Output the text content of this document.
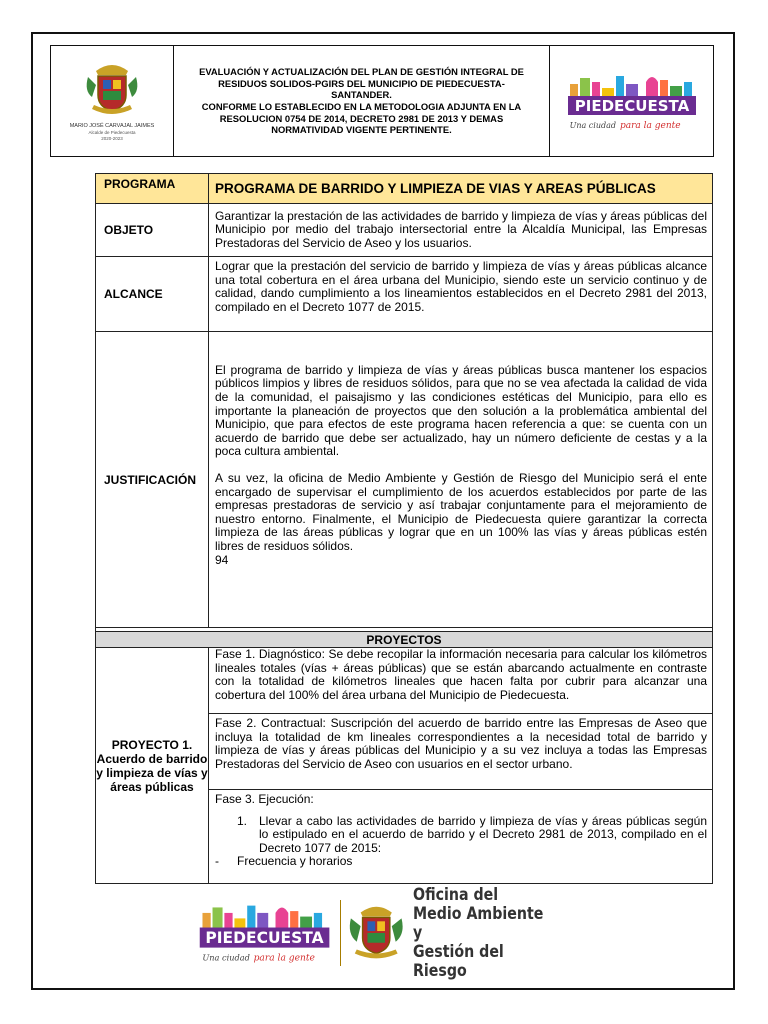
MARIO JOSÉ CARVAJAL JAIMES
Alcalde de Piedecuesta
2020-2023
EVALUACIÓN Y ACTUALIZACIÓN DEL PLAN DE GESTIÓN INTEGRAL DE
RESIDUOS SOLIDOS-PGIRS DEL MUNICIPIO DE PIEDECUESTA-
SANTANDER.
CONFORME LO ESTABLECIDO EN LA METODOLOGIA ADJUNTA EN LA
RESOLUCION 0754 DE 2014, DECRETO 2981 DE 2013 Y DEMAS
NORMATIVIDAD VIGENTE PERTINENTE.
PIEDECUESTA
Una ciudad para la gente
PROGRAMA	PROGRAMA DE BARRIDO Y LIMPIEZA DE VIAS Y AREAS PÚBLICAS
OBJETO	Garantizar la prestación de las actividades de barrido y limpieza de vías y áreas públicas del Municipio por medio del trabajo intersectorial entre la Alcaldía Municipal, las Empresas Prestadoras del Servicio de Aseo y los usuarios.
ALCANCE	Lograr que la prestación del servicio de barrido y limpieza de vías y áreas públicas alcance una total cobertura en el área urbana del Municipio, siendo este un servicio continuo y de calidad, dando cumplimiento a los lineamientos establecidos en el Decreto 2981 del 2013, compilado en el Decreto 1077 de 2015.
JUSTIFICACIÓN	El programa de barrido y limpieza de vías y áreas públicas busca mantener los espacios públicos limpios y libres de residuos sólidos, para que no se vea afectada la calidad de vida de la comunidad, el paisajismo y las condiciones estéticas del Municipio, para ello es importante la planeación de proyectos que den solución a la problemática ambiental del Municipio, que para efectos de este programa hacen referencia a que: se cuenta con un acuerdo de barrido que debe ser actualizado, hay un número deficiente de cestas y a la poca cultura ambiental.

A su vez, la oficina de Medio Ambiente y Gestión de Riesgo del Municipio será el ente encargado de supervisar el cumplimiento de los acuerdos establecidos por parte de las empresas prestadoras de servicio y así trabajar conjuntamente para el mejoramiento de nuestro entorno. Finalmente, el Municipio de Piedecuesta quiere garantizar la correcta limpieza de las áreas públicas y lograr que en un 100% las vías y áreas públicas estén libres de residuos sólidos.

94

PROYECTOS	
PROYECTO 1. Acuerdo de barrido y limpieza de vías y áreas públicas	Fase 1. Diagnóstico: Se debe recopilar la información necesaria para calcular los kilómetros lineales totales (vías + áreas públicas) que se están abarcando actualmente en contraste con la totalidad de kilómetros lineales que hacen falta por cubrir para alcanzar una cobertura del 100% del área urbana del Municipio de Piedecuesta.
	Fase 2. Contractual: Suscripción del acuerdo de barrido entre las Empresas de Aseo que incluya la totalidad de km lineales correspondientes a la necesidad total de barrido y limpieza de vías y áreas públicas del Municipio y a su vez incluya a todas las Empresas Prestadoras del Servicio de Aseo con usuarios en el sector urbano.

	Fase 3. Ejecución:

1. Llevar a cabo las actividades de barrido y limpieza de vías y áreas públicas según lo estipulado en el acuerdo de barrido y el Decreto 2981 de 2013, compilado en el Decreto 1077 de 2015:
- Frecuencia y horarios
PIEDECUESTA
Una ciudad para la gente
Oficina del
Medio Ambiente y
Gestión del Riesgo
